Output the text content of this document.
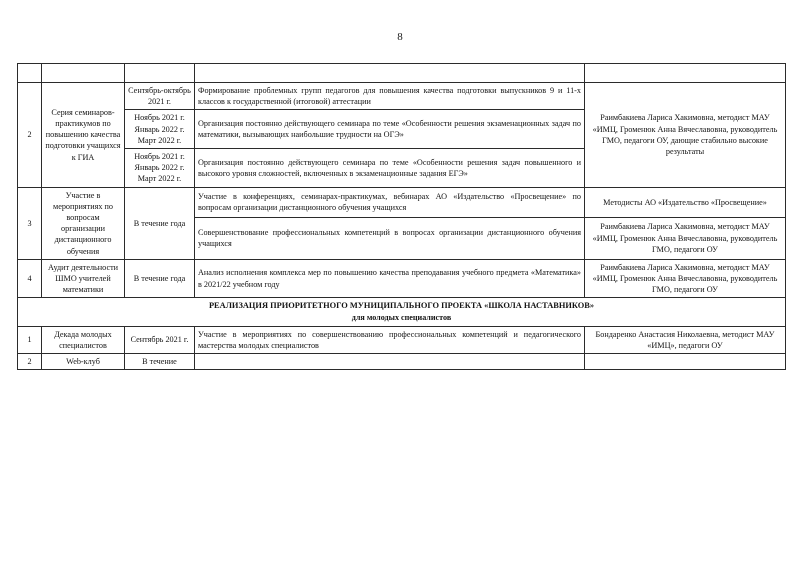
8

2	Серия семинаров-практикумов по повышению качества подготовки учащихся к ГИА	Сентябрь-октябрь 2021 г.	Формирование проблемных групп педагогов для повышения качества подготовки выпускников 9 и 11-х классов к государственной (итоговой) аттестации	Раимбакиева Лариса Хакимовна, методист МАУ «ИМЦ, Громенюк Анна Вячеславовна, руководитель ГМО, педагоги ОУ, дающие стабильно высокие результаты
		Ноябрь 2021 г. Январь 2022 г. Март 2022 г.	Организация постоянно действующего семинара по теме «Особенности решения экзаменационных задач по математики, вызывающих наибольшие трудности на ОГЭ»	
		Ноябрь 2021 г. Январь 2022 г. Март 2022 г.	Организация постоянно действующего семинара по теме «Особенности решения задач повышенного и высокого уровня сложностей, включенных в экзаменационные задания ЕГЭ»	
3	Участие в мероприятиях по вопросам организации дистанционного обучения	В течение года	Участие в конференциях, семинарах-практикумах, вебинарах АО «Издательство «Просвещение» по вопросам организации дистанционного обучения учащихся	Методисты АО «Издательство «Просвещение»
			Совершенствование профессиональных компетенций в вопросах организации дистанционного обучения учащихся	Раимбакиева Лариса Хакимовна, методист МАУ «ИМЦ, Громенюк Анна Вячеславовна, руководитель ГМО, педагоги ОУ
4	Аудит деятельности ШМО учителей математики	В течение года	Анализ исполнения комплекса мер по повышению качества преподавания учебного предмета «Математика» в 2021/22 учебном году	Раимбакиева Лариса Хакимовна, методист МАУ «ИМЦ, Громенюк Анна Вячеславовна, руководитель ГМО, педагоги ОУ

РЕАЛИЗАЦИЯ ПРИОРИТЕТНОГО МУНИЦИПАЛЬНОГО ПРОЕКТА «ШКОЛА НАСТАВНИКОВ»
для молодых специалистов				

1	Декада молодых специалистов	Сентябрь 2021 г.	Участие в мероприятиях по совершенствованию профессиональных компетенций и педагогического мастерства молодых специалистов	Бондаренко Анастасия Николаевна, методист МАУ «ИМЦ», педагоги ОУ
2	Web-клуб	В течение		
